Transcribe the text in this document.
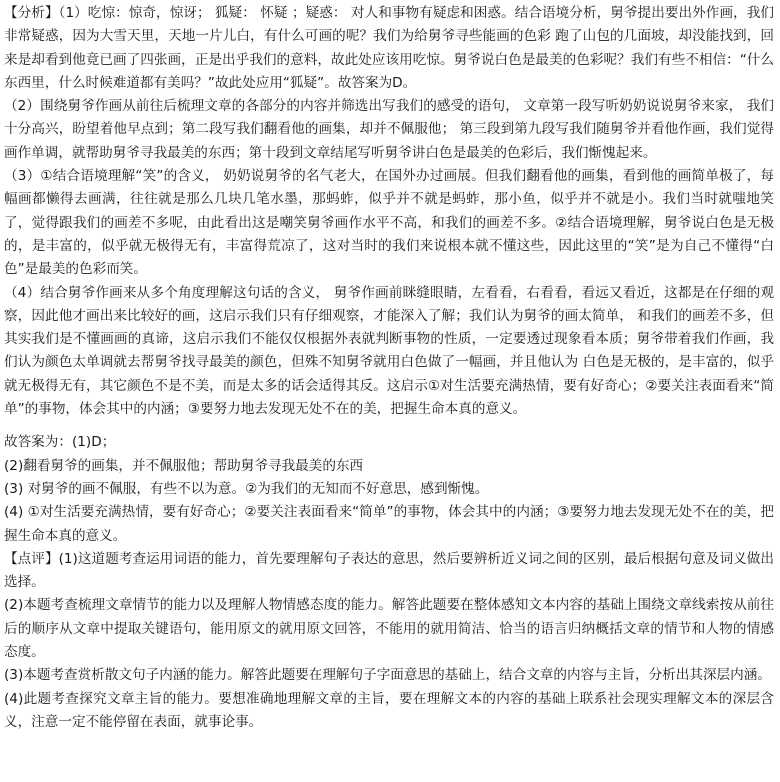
【分析】（1）吃惊：惊奇，惊讶； 狐疑： 怀疑 ；疑惑： 对人和事物有疑虑和困惑。结合语境分析，舅爷提出要出外作画，我们非常疑惑，因为大雪天里，天地一片儿白，有什么可画的呢？我们为给舅爷寻些能画的色彩 跑了山包的几面坡，却没能找到，回来是却看到他竟已画了四张画，正是出乎我们的意料，故此处应该用吃惊。舅爷说白色是最美的色彩呢？我们有些不相信：“什么东西里，什么时候难道都有美吗？”故此处应用“狐疑”。故答案为D。

（2）围绕舅爷作画从前往后梳理文章的各部分的内容并筛选出写我们的感受的语句， 文章第一段写听奶奶说说舅爷来家， 我们十分高兴，盼望着他早点到；第二段写我们翻看他的画集，却并不佩服他； 第三段到第九段写我们随舅爷并看他作画，我们觉得画作单调，就帮助舅爷寻我最美的东西；第十段到文章结尾写听舅爷讲白色是最美的色彩后，我们惭愧起来。

（3）①结合语境理解“笑”的含义， 奶奶说舅爷的名气老大，在国外办过画展。但我们翻看他的画集，看到他的画简单极了，每幅画都懒得去画满，往往就是那么几块几笔水墨，那蚂蚱，似乎并不就是蚂蚱，那小鱼，似乎并不就是小。我们当时就嗤地笑了，觉得跟我们的画差不多呢，由此看出这是嘲笑舅爷画作水平不高，和我们的画差不多。②结合语境理解，舅爷说白色是无极的，是丰富的，似乎就无极得无有，丰富得荒凉了，这对当时的我们来说根本就不懂这些，因此这里的“笑”是为自己不懂得“白色”是最美的色彩而笑。

（4）结合舅爷作画来从多个角度理解这句话的含义， 舅爷作画前眯缝眼睛，左看看，右看看，看远又看近，这都是在仔细的观察，因此他才画出来比较好的画，这启示我们只有仔细观察，才能深入了解；我们认为舅爷的画太简单， 和我们的画差不多，但其实我们是不懂画画的真谛，这启示我们不能仅仅根据外表就判断事物的性质，一定要透过现象看本质；舅爷带着我们作画，我们认为颜色太单调就去帮舅爷找寻最美的颜色，但殊不知舅爷就用白色做了一幅画，并且他认为 白色是无极的，是丰富的，似乎就无极得无有，其它颜色不是不美，而是太多的话会适得其反。这启示①对生活要充满热情，要有好奇心；②要关注表面看来“简单”的事物，体会其中的内涵；③要努力地去发现无处不在的美，把握生命本真的意义。

故答案为：(1)D；

(2)翻看舅爷的画集，并不佩服他；帮助舅爷寻我最美的东西

(3) 对舅爷的画不佩服，有些不以为意。②为我们的无知而不好意思，感到惭愧。

(4) ①对生活要充满热情，要有好奇心；②要关注表面看来“简单”的事物，体会其中的内涵；③要努力地去发现无处不在的美，把握生命本真的意义。

【点评】(1)这道题考查运用词语的能力，首先要理解句子表达的意思，然后要辨析近义词之间的区别，最后根据句意及词义做出选择。

(2)本题考查梳理文章情节的能力以及理解人物情感态度的能力。解答此题要在整体感知文本内容的基础上围绕文章线索按从前往后的顺序从文章中提取关键语句，能用原文的就用原文回答，不能用的就用简洁、恰当的语言归纳概括文章的情节和人物的情感态度。

(3)本题考查赏析散文句子内涵的能力。解答此题要在理解句子字面意思的基础上，结合文章的内容与主旨，分析出其深层内涵。

(4)此题考查探究文章主旨的能力。要想准确地理解文章的主旨，要在理解文本的内容的基础上联系社会现实理解文本的深层含义，注意一定不能停留在表面，就事论事。
